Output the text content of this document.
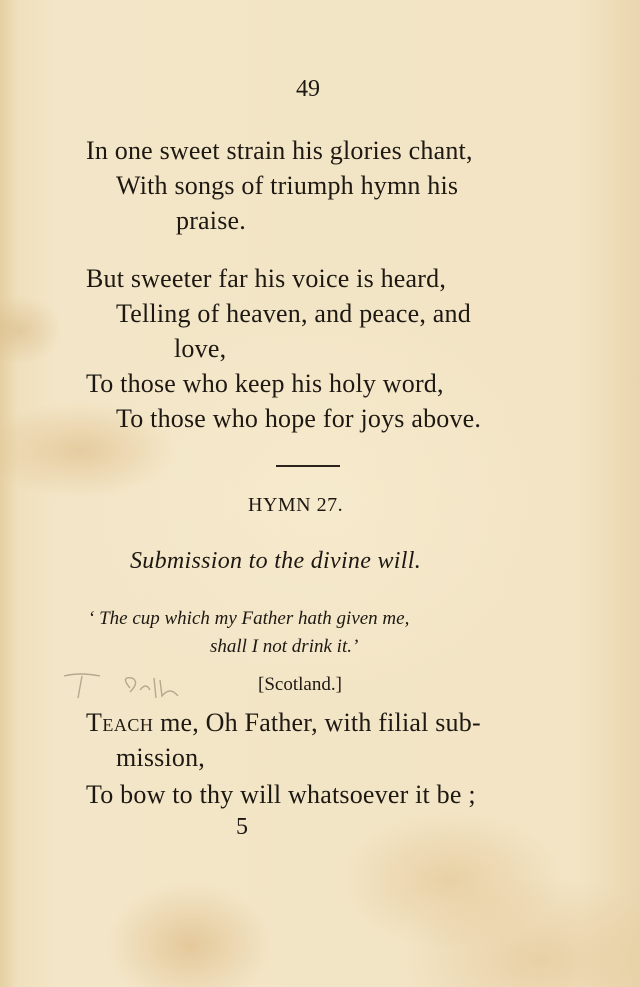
49
In one sweet strain his glories chant,
With songs of triumph hymn his
praise.
But sweeter far his voice is heard,
Telling of heaven, and peace, and
love,
To those who keep his holy word,
To those who hope for joys above.
HYMN 27.
Submission to the divine will.
‘ The cup which my Father hath given me,
shall I not drink it.’
[Scotland.]
Teach me, Oh Father, with filial sub-
mission,
To bow to thy will whatsoever it be ;
5
